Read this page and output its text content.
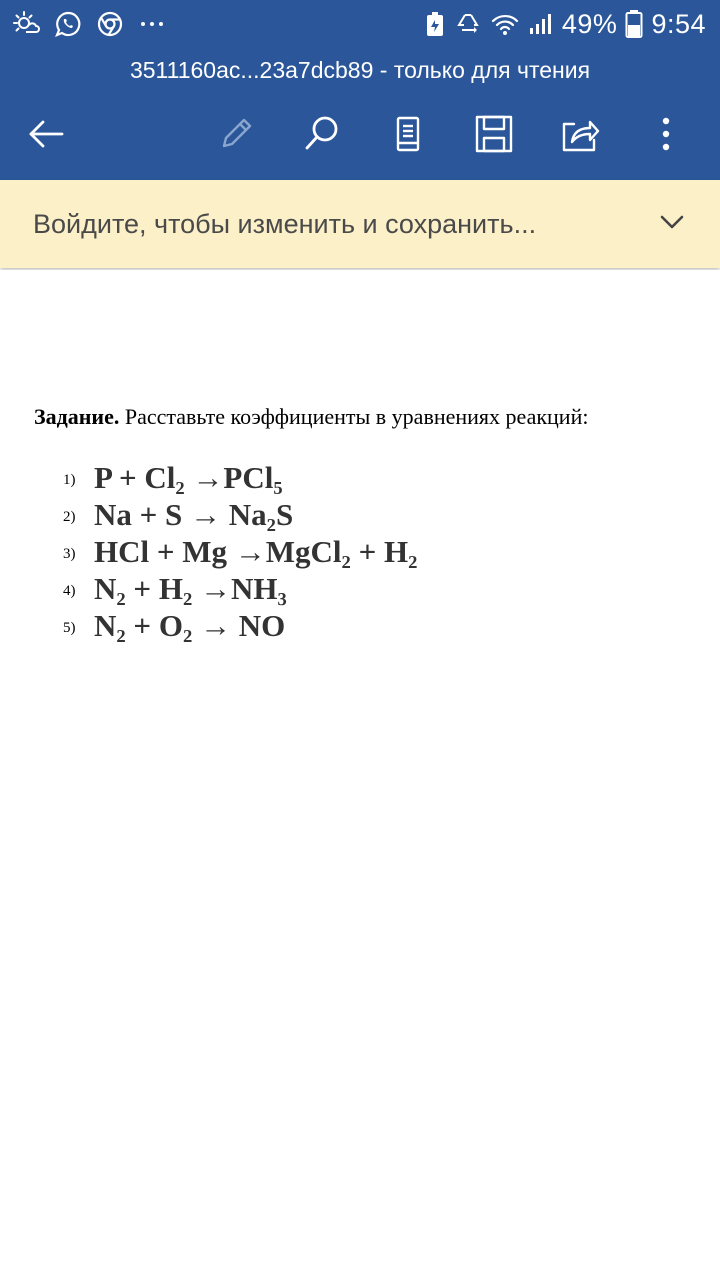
49% 9:54
3511160ac...23a7dcb89 - только для чтения
Войдите, чтобы изменить и сохранить...
Задание. Расставьте коэффициенты в уравнениях реакций:
1) P + Cl₂ →PCl₅
2) Na + S → Na₂S
3) HCl + Mg →MgCl₂ + H₂
4) N₂ + H₂ →NH₃
5) N₂ + O₂ → NO
